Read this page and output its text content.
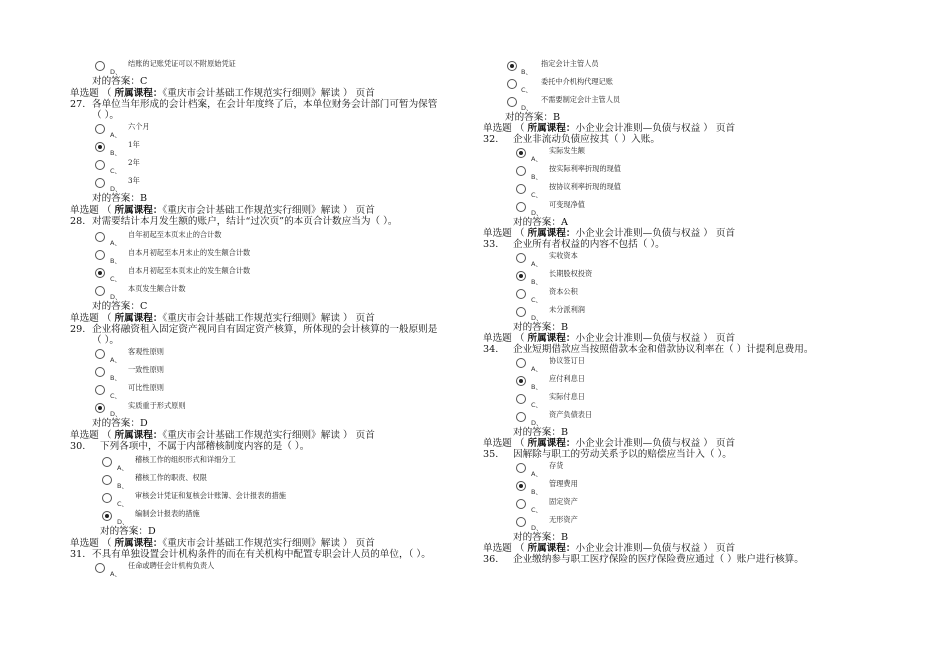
D、
结账的记账凭证可以不附原始凭证
对的答案：C
单选题 （ 所属课程：《重庆市会计基础工作规范实行细则》解读 ） 页首
27. 各单位当年形成的会计档案，在会计年度终了后，本单位财务会计部门可暂为保管
（ ）。
A、
六个月
B、
1年
C、
2年
D、
3年
对的答案：B
单选题 （ 所属课程：《重庆市会计基础工作规范实行细则》解读 ） 页首
28. 对需要结计本月发生额的账户，结计“过次页”的本页合计数应当为（ ）。
A、
自年初起至本页末止的合计数
B、
自本月初起至本月末止的发生额合计数
C、
自本月初起至本页末止的发生额合计数
D、
本页发生额合计数
对的答案：C
单选题 （ 所属课程：《重庆市会计基础工作规范实行细则》解读 ） 页首
29. 企业将融资租入固定资产视同自有固定资产核算，所体现的会计核算的一般原则是
（ ）。
A、
客观性原则
B、
一致性原则
C、
可比性原则
D、
实质重于形式原则
对的答案：D
单选题 （ 所属课程：《重庆市会计基础工作规范实行细则》解读 ） 页首
30. 下列各项中，不属于内部稽核制度内容的是（ ）。
A、
稽核工作的组织形式和详细分工
B、
稽核工作的职责、权限
C、
审核会计凭证和复核会计账簿、会计报表的措施
D、
编制会计报表的措施
对的答案：D
单选题 （ 所属课程：《重庆市会计基础工作规范实行细则》解读 ） 页首
31. 不具有单独设置会计机构条件的而在有关机构中配置专职会计人员的单位，（ ）。
A、
任命或聘任会计机构负责人
B、
指定会计主管人员
C、
委托中介机构代理记账
D、
不需要制定会计主管人员
对的答案：B
单选题 （ 所属课程：小企业会计准则—负债与权益 ） 页首
32. 企业非流动负债应按其（ ）入账。
A、
实际发生额
B、
按实际利率折现的现值
C、
按协议利率折现的现值
D、
可变现净值
对的答案：A
单选题 （ 所属课程：小企业会计准则—负债与权益 ） 页首
33. 企业所有者权益的内容不包括（ ）。
A、
实收资本
B、
长期股权投资
C、
资本公积
D、
未分派利润
对的答案：B
单选题 （ 所属课程：小企业会计准则—负债与权益 ） 页首
34. 企业短期借款应当按照借款本金和借款协议利率在（ ）计提利息费用。
A、
协议签订日
B、
应付利息日
C、
实际付息日
D、
资产负债表日
对的答案：B
单选题 （ 所属课程：小企业会计准则—负债与权益 ） 页首
35. 因解除与职工的劳动关系予以的赔偿应当计入（ ）。
A、
存货
B、
管理费用
C、
固定资产
D、
无形资产
对的答案：B
单选题 （ 所属课程：小企业会计准则—负债与权益 ） 页首
36. 企业缴纳参与职工医疗保险的医疗保险费应通过（ ）账户进行核算。
